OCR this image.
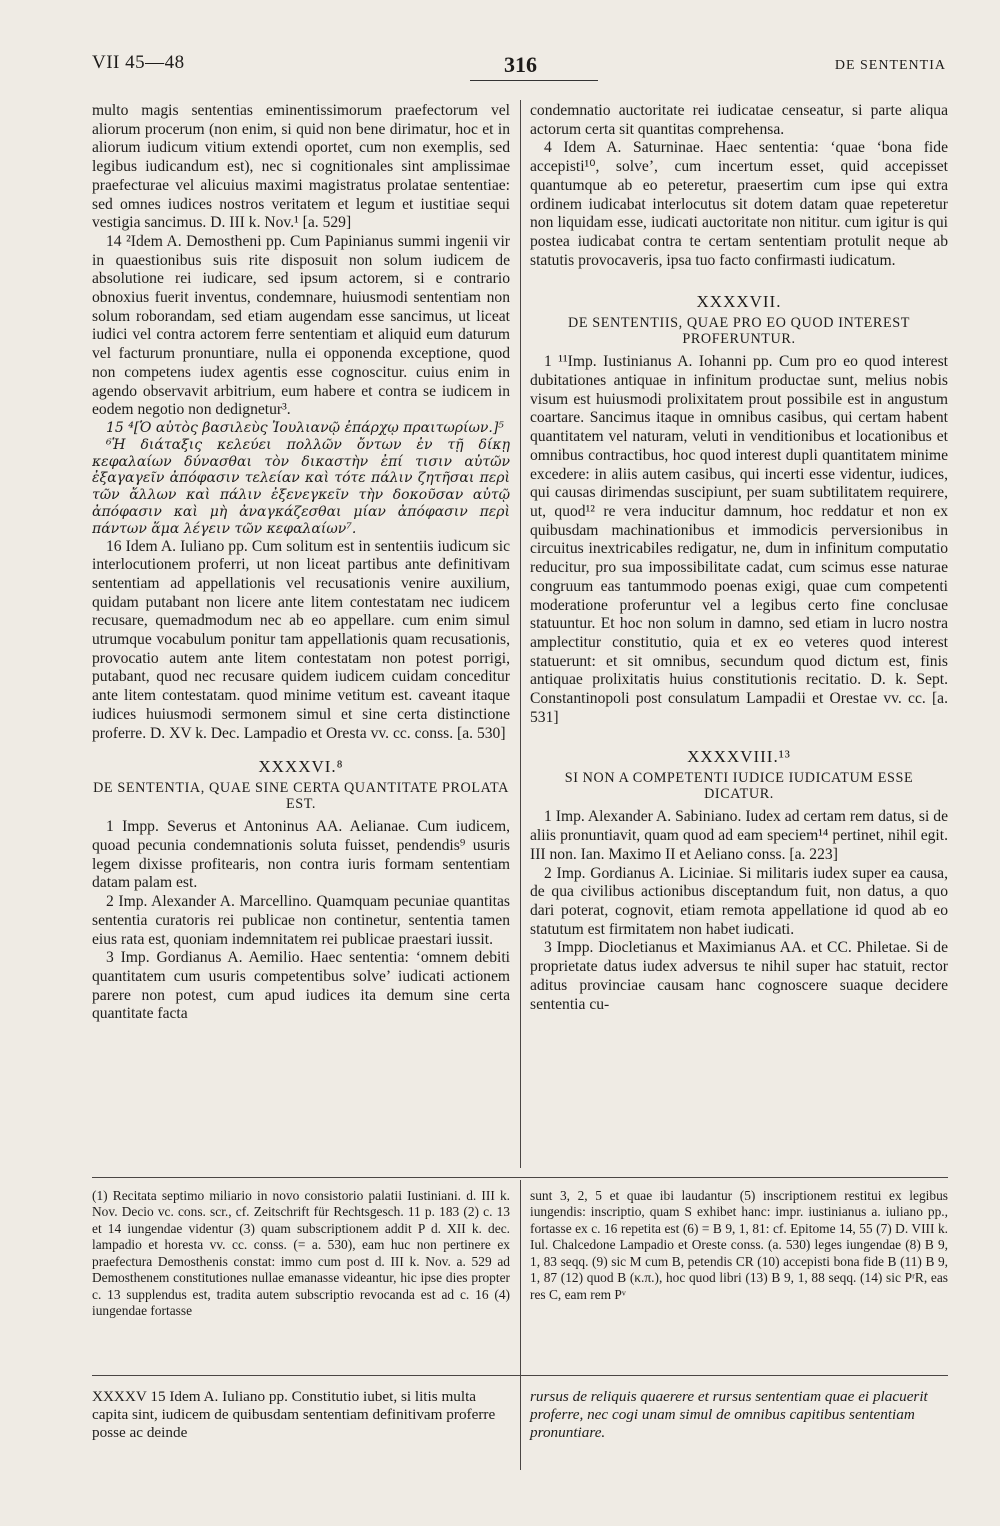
VII 45—48	316	DE SENTENTIA

multo magis sententias eminentissimorum praefectorum vel aliorum procerum (non enim, si quid non bene dirimatur, hoc et in aliorum iudicum vitium extendi oportet, cum non exemplis, sed legibus iudicandum est), nec si cognitionales sint amplissimae praefecturae vel alicuius maximi magistratus prolatae sententiae: sed omnes iudices nostros veritatem et legum et iustitiae sequi vestigia sancimus. D. III k. Nov.¹ [a. 529]

14 ²Idem A. Demostheni pp. Cum Papinianus summi ingenii vir in quaestionibus suis rite disposuit non solum iudicem de absolutione rei iudicare, sed ipsum actorem, si e contrario obnoxius fuerit inventus, condemnare, huiusmodi sententiam non solum roborandam, sed etiam augendam esse sancimus, ut liceat iudici vel contra actorem ferre sententiam et aliquid eum daturum vel facturum pronuntiare, nulla ei opponenda exceptione, quod non competens iudex agentis esse cognoscitur. cuius enim in agendo observavit arbitrium, eum habere et contra se iudicem in eodem negotio non dedignetur³.

15 ⁴[Ὁ αὐτὸς βασιλεὺς Ἰουλιανῷ ἐπάρχῳ πραιτωρίων.]⁵

⁶Ἡ διάταξις κελεύει πολλῶν ὄντων ἐν τῇ δίκῃ κεφαλαίων δύνασθαι τὸν δικαστὴν ἐπί τισιν αὐτῶν ἐξαγαγεῖν ἀπόφασιν τελείαν καὶ τότε πάλιν ζητῆσαι περὶ τῶν ἄλλων καὶ πάλιν ἐξενεγκεῖν τὴν δοκοῦσαν αὐτῷ ἀπόφασιν καὶ μὴ ἀναγκάζεσθαι μίαν ἀπόφασιν περὶ πάντων ἅμα λέγειν τῶν κεφαλαίων⁷.

16 Idem A. Iuliano pp. Cum solitum est in sententiis iudicum sic interlocutionem proferri, ut non liceat partibus ante definitivam sententiam ad appellationis vel recusationis venire auxilium, quidam putabant non licere ante litem contestatam nec iudicem recusare, quemadmodum nec ab eo appellare. cum enim simul utrumque vocabulum ponitur tam appellationis quam recusationis, provocatio autem ante litem contestatam non potest porrigi, putabant, quod nec recusare quidem iudicem cuidam conceditur ante litem contestatam. quod minime vetitum est. caveant itaque iudices huiusmodi sermonem simul et sine certa distinctione proferre. D. XV k. Dec. Lampadio et Oresta vv. cc. conss. [a. 530]

XXXXVI.⁸
DE SENTENTIA, QUAE SINE CERTA QUANTITATE PROLATA EST.

1 Impp. Severus et Antoninus AA. Aelianae. Cum iudicem, quoad pecunia condemnationis soluta fuisset, pendendis⁹ usuris legem dixisse profitearis, non contra iuris formam sententiam datam palam est.

2 Imp. Alexander A. Marcellino. Quamquam pecuniae quantitas sententia curatoris rei publicae non continetur, sententia tamen eius rata est, quoniam indemnitatem rei publicae praestari iussit.

3 Imp. Gordianus A. Aemilio. Haec sententia: ‘omnem debiti quantitatem cum usuris competentibus solve’ iudicati actionem parere non potest, cum apud iudices ita demum sine certa quantitate facta

condemnatio auctoritate rei iudicatae censeatur, si parte aliqua actorum certa sit quantitas comprehensa.

4 Idem A. Saturninae. Haec sententia: ‘quae ‘bona fide accepisti¹⁰, solve’, cum incertum esset, quid accepisset quantumque ab eo peteretur, praesertim cum ipse qui extra ordinem iudicabat interlocutus sit dotem datam quae repeteretur non liquidam esse, iudicati auctoritate non nititur. cum igitur is qui postea iudicabat contra te certam sententiam protulit neque ab statutis provocaveris, ipsa tuo facto confirmasti iudicatum.

XXXXVII.
DE SENTENTIIS, QUAE PRO EO QUOD INTEREST PROFERUNTUR.

1 ¹¹Imp. Iustinianus A. Iohanni pp. Cum pro eo quod interest dubitationes antiquae in infinitum productae sunt, melius nobis visum est huiusmodi prolixitatem prout possibile est in angustum coartare. Sancimus itaque in omnibus casibus, qui certam habent quantitatem vel naturam, veluti in venditionibus et locationibus et omnibus contractibus, hoc quod interest dupli quantitatem minime excedere: in aliis autem casibus, qui incerti esse videntur, iudices, qui causas dirimendas suscipiunt, per suam subtilitatem requirere, ut, quod¹² re vera inducitur damnum, hoc reddatur et non ex quibusdam machinationibus et immodicis perversionibus in circuitus inextricabiles redigatur, ne, dum in infinitum computatio reducitur, pro sua impossibilitate cadat, cum scimus esse naturae congruum eas tantummodo poenas exigi, quae cum competenti moderatione proferuntur vel a legibus certo fine conclusae statuuntur. Et hoc non solum in damno, sed etiam in lucro nostra amplectitur constitutio, quia et ex eo veteres quod interest statuerunt: et sit omnibus, secundum quod dictum est, finis antiquae prolixitatis huius constitutionis recitatio. D. k. Sept. Constantinopoli post consulatum Lampadii et Orestae vv. cc. [a. 531]

XXXXVIII.¹³
SI NON A COMPETENTI IUDICE IUDICATUM ESSE DICATUR.

1 Imp. Alexander A. Sabiniano. Iudex ad certam rem datus, si de aliis pronuntiavit, quam quod ad eam speciem¹⁴ pertinet, nihil egit. III non. Ian. Maximo II et Aeliano conss. [a. 223]

2 Imp. Gordianus A. Liciniae. Si militaris iudex super ea causa, de qua civilibus actionibus disceptandum fuit, non datus, a quo dari poterat, cognovit, etiam remota appellatione id quod ab eo statutum est firmitatem non habet iudicati.

3 Impp. Diocletianus et Maximianus AA. et CC. Philetae. Si de proprietate datus iudex adversus te nihil super hac statuit, rector aditus provinciae causam hanc cognoscere suaque decidere sententia cu-

(1) Recitata septimo miliario in novo consistorio palatii Iustiniani. d. III k. Nov. Decio vc. cons. scr., cf. Zeitschrift für Rechtsgesch. 11 p. 183 (2) c. 13 et 14 iungendae videntur (3) quam subscriptionem addit P d. XII k. dec. lampadio et horesta vv. cc. conss. (= a. 530), eam huc non pertinere ex praefectura Demosthenis constat: immo cum post d. III k. Nov. a. 529 ad Demosthenem constitutiones nullae emanasse videantur, hic ipse dies propter c. 13 supplendus est, tradita autem subscriptio revocanda est ad c. 16 (4) iungendae fortasse
sunt 3, 2, 5 et quae ibi laudantur (5) inscriptionem restitui ex legibus iungendis: inscriptio, quam S exhibet hanc: impr. iustinianus a. iuliano pp., fortasse ex c. 16 repetita est (6) = B 9, 1, 81: cf. Epitome 14, 55 (7) D. VIII k. Iul. Chalcedone Lampadio et Oreste conss. (a. 530) leges iungendae (8) B 9, 1, 83 seqq. (9) sic M cum B, petendis CR (10) accepisti bona fide B (11) B 9, 1, 87 (12) quod B (κ.π.), hoc quod libri (13) B 9, 1, 88 seqq. (14) sic PʳR, eas res C, eam rem Pᵛ
XXXXV 15 Idem A. Iuliano pp. Constitutio iubet, si litis multa capita sint, iudicem de quibusdam sententiam definitivam proferre posse ac deinde
rursus de reliquis quaerere et rursus sententiam quae ei placuerit proferre, nec cogi unam simul de omnibus capitibus sententiam pronuntiare.
